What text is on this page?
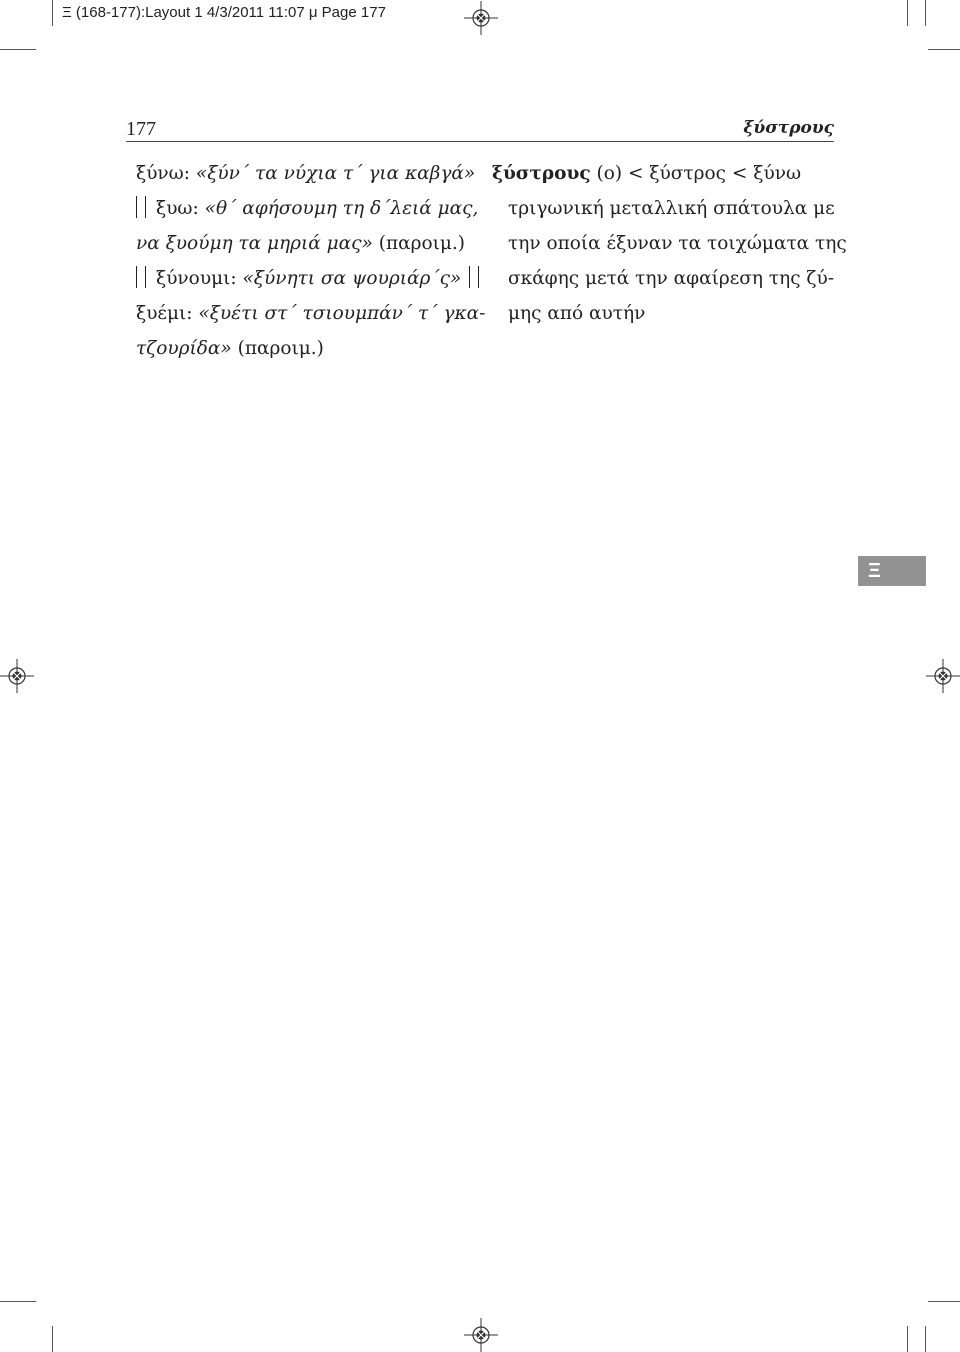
Ξ (168-177):Layout 1 4/3/2011 11:07 μ Page 177
177	ξύστρους
ξύνω: «ξύν΄ τα νύχια τ΄ για καβγά»
ξυω: «θ΄ αφήσουμη τη δ΄λειά μας,
να ξυούμη τα μηριά μας» (παροιμ.)
ξύνουμι: «ξύνητι σα ψουριάρ΄ς»
ξυέμι: «ξυέτι στ΄ τσιουμπάν΄ τ΄ γκα-
τζουρίδα» (παροιμ.)
ξύστρους (ο) < ξύστρος < ξύνω
τριγωνική μεταλλική σπάτουλα με
την οποία έξυναν τα τοιχώματα της
σκάφης μετά την αφαίρεση της ζύ-
μης από αυτήν
Ξ
